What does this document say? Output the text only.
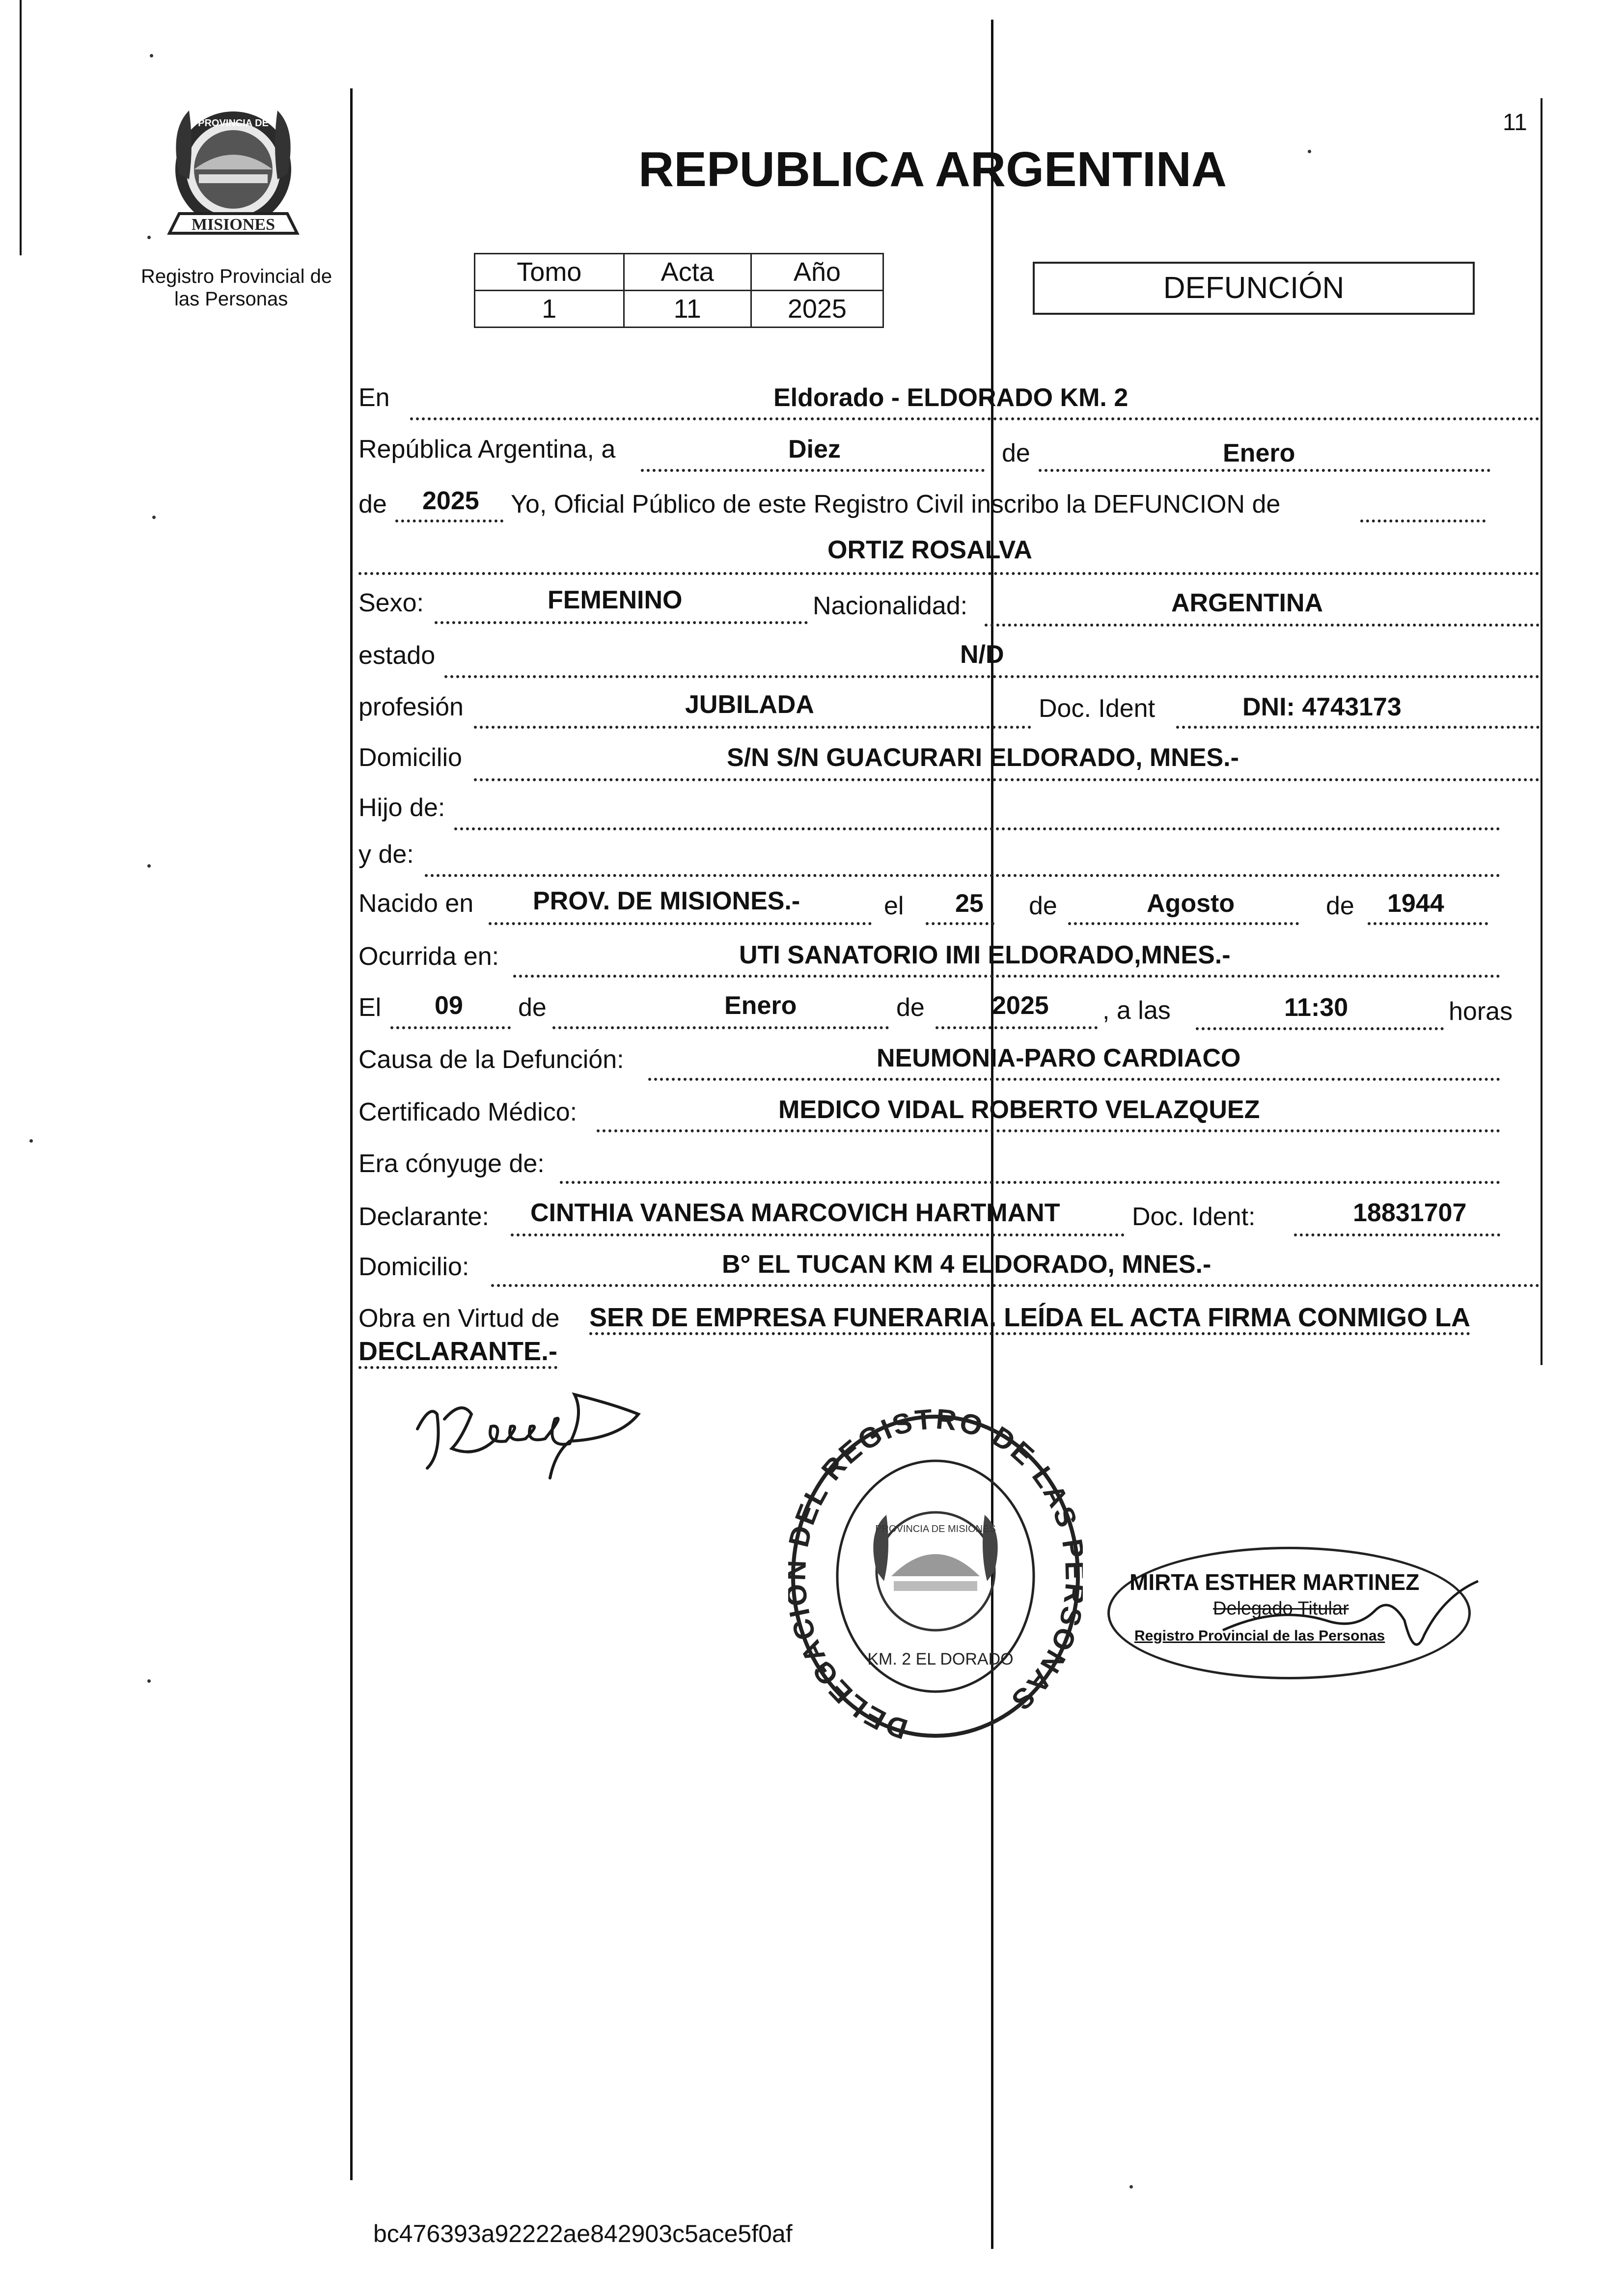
11
MISIONES
PROVINCIA DE
Registro Provincial de
las Personas
REPUBLICA ARGENTINA
Tomo	Acta	Año
1	11	2025
DEFUNCIÓN
En	Eldorado - ELDORADO KM. 2
República Argentina, a	Diez	de	Enero
de 2025 Yo, Oficial Público de este Registro Civil inscribo la DEFUNCION de
ORTIZ ROSALVA
Sexo:	FEMENINO	Nacionalidad:	ARGENTINA
estado	N/D
profesión	JUBILADA	Doc. Ident	DNI: 4743173
Domicilio	S/N S/N GUACURARI ELDORADO, MNES.-
Hijo de:
y de:
Nacido en PROV. DE MISIONES.-	el 25 de	Agosto	de 1944
Ocurrida en:	UTI SANATORIO IMI ELDORADO,MNES.-
El 09 de	Enero	de	2025 , a las	11:30	horas
Causa de la Defunción:	NEUMONIA-PARO CARDIACO
Certificado Médico:	MEDICO VIDAL ROBERTO VELAZQUEZ
Era cónyuge de:
Declarante: CINTHIA VANESA MARCOVICH HARTMANT	Doc. Ident:	18831707
Domicilio:	B° EL TUCAN KM 4 ELDORADO, MNES.-
Obra en Virtud de SER DE EMPRESA FUNERARIA. LEÍDA EL ACTA FIRMA CONMIGO LA
DECLARANTE.-
DELEGAC EL REGISTRO DE LAS ONAS
PROVINCIA DE MISIONES
KM. 2 EL DORADO
MIRTA ESTHER MARTINEZ
Delegado Titular
Registro Provincial de las Personas
bc476393a92222ae842903c5ace5f0af
